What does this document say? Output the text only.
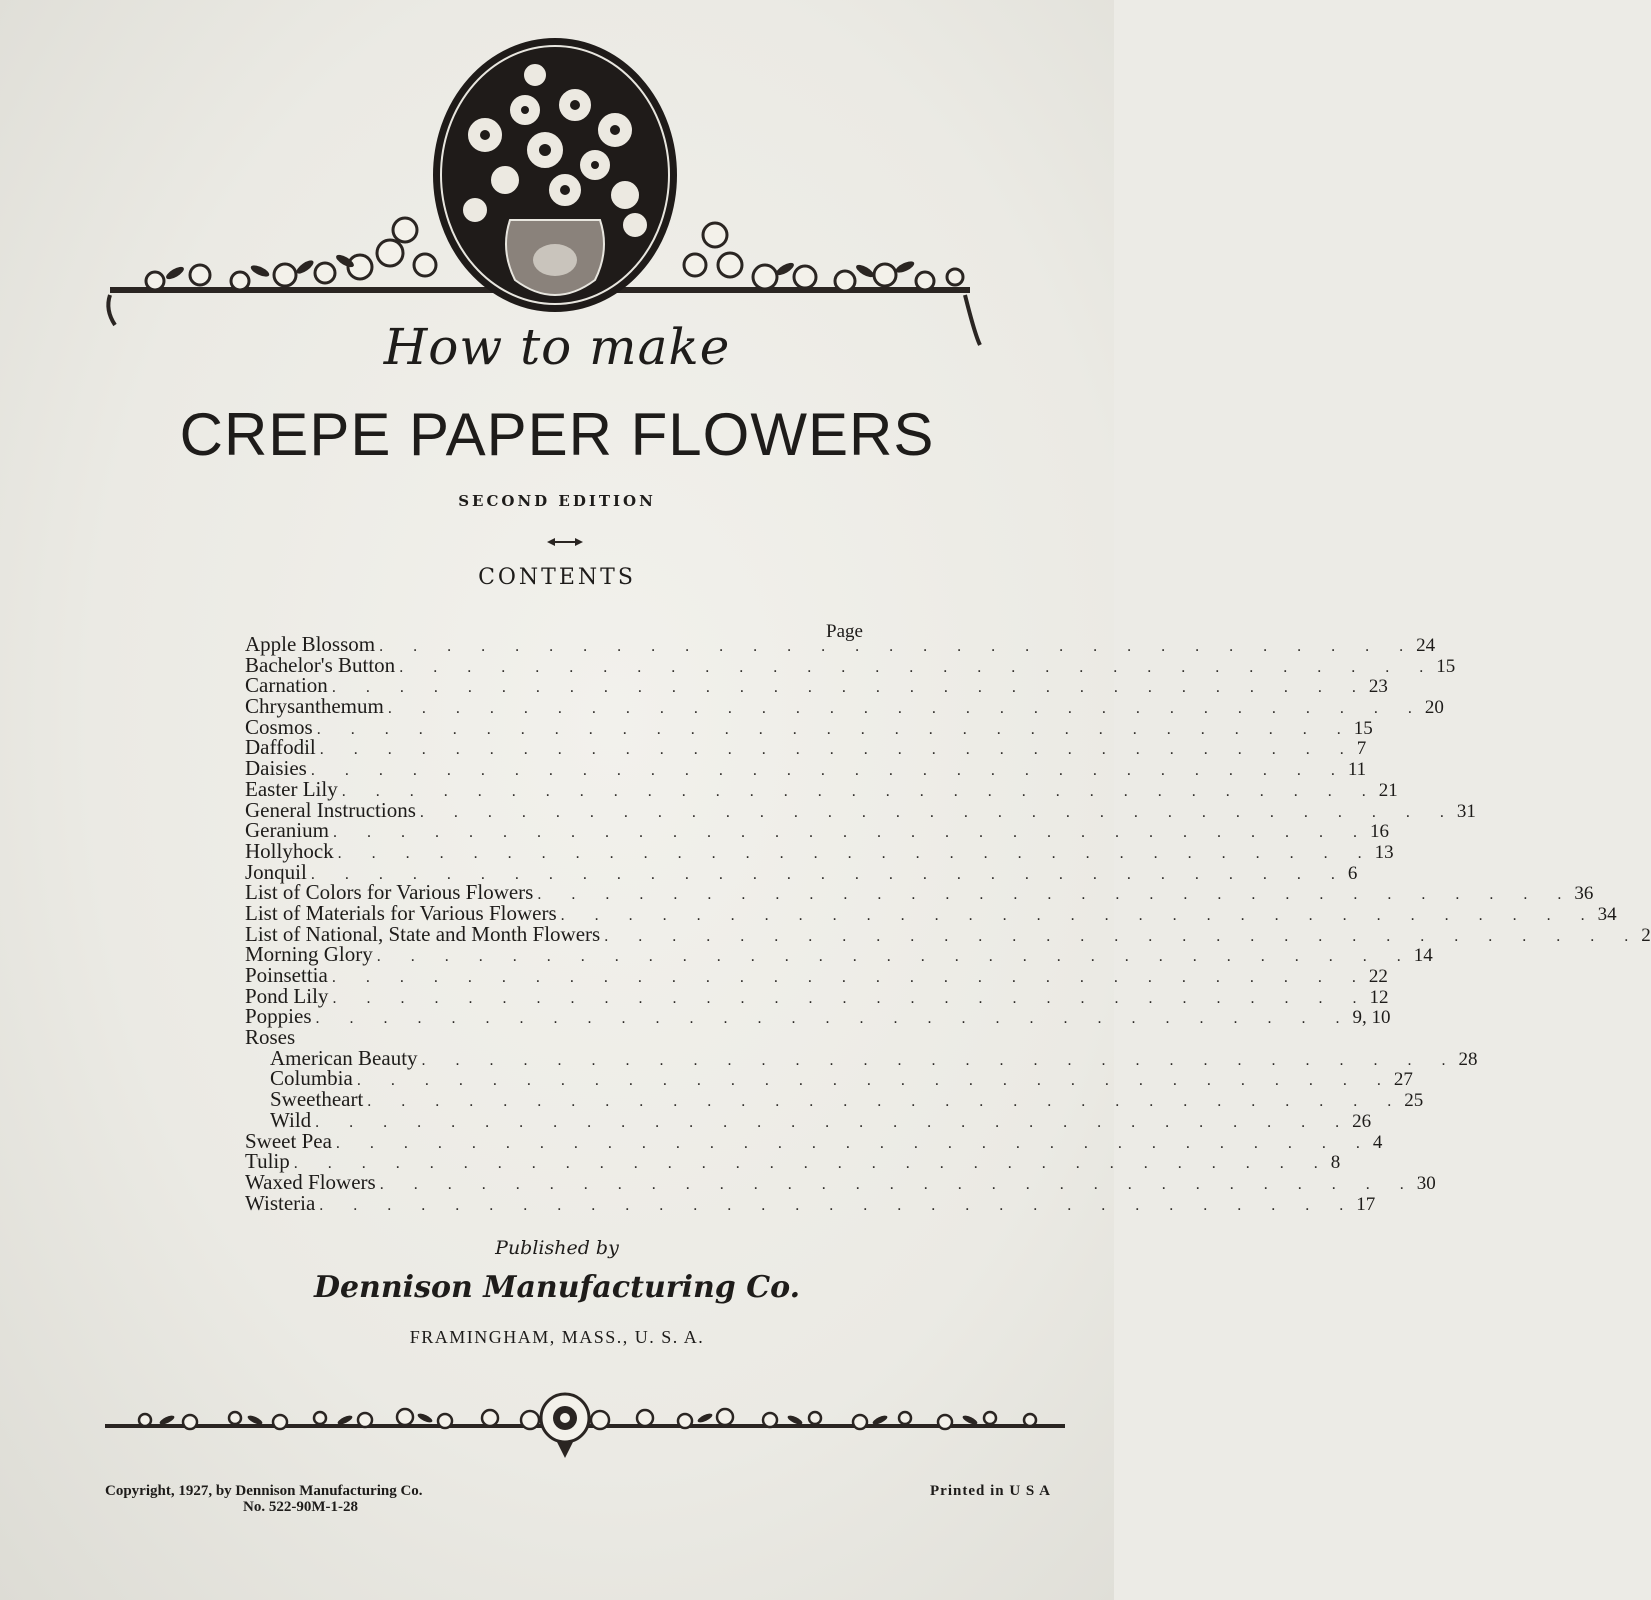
How to make
CREPE PAPER FLOWERS
SECOND EDITION
CONTENTS
Page
Apple Blossom . . . . . . . . . . . . . . . . . . . . . . . . . . . . . . . 24
Bachelor's Button . . . . . . . . . . . . . . . . . . . . . . . . . . . . . . . 15
Carnation . . . . . . . . . . . . . . . . . . . . . . . . . . . . . . . 23
Chrysanthemum . . . . . . . . . . . . . . . . . . . . . . . . . . . . . . . 20
Cosmos . . . . . . . . . . . . . . . . . . . . . . . . . . . . . . . 15
Daffodil . . . . . . . . . . . . . . . . . . . . . . . . . . . . . . . 7
Daisies . . . . . . . . . . . . . . . . . . . . . . . . . . . . . . . 11
Easter Lily . . . . . . . . . . . . . . . . . . . . . . . . . . . . . . . 21
General Instructions . . . . . . . . . . . . . . . . . . . . . . . . . . . . . . . 31
Geranium . . . . . . . . . . . . . . . . . . . . . . . . . . . . . . . 16
Hollyhock . . . . . . . . . . . . . . . . . . . . . . . . . . . . . . . 13
Jonquil . . . . . . . . . . . . . . . . . . . . . . . . . . . . . . . 6
List of Colors for Various Flowers . . . . . . . . . . . . . . . . . . . . . . . . . . . . . . . 36
List of Materials for Various Flowers . . . . . . . . . . . . . . . . . . . . . . . . . . . . . . . 34
List of National, State and Month Flowers . . . . . . . . . . . . . . . . . . . . . . . . . . . . . . . 2
Morning Glory . . . . . . . . . . . . . . . . . . . . . . . . . . . . . . . 14
Poinsettia . . . . . . . . . . . . . . . . . . . . . . . . . . . . . . . 22
Pond Lily . . . . . . . . . . . . . . . . . . . . . . . . . . . . . . . 12
Poppies . . . . . . . . . . . . . . . . . . . . . . . . . . . . . . . 9, 10
Roses
American Beauty . . . . . . . . . . . . . . . . . . . . . . . . . . . . . . . 28
Columbia . . . . . . . . . . . . . . . . . . . . . . . . . . . . . . . 27
Sweetheart . . . . . . . . . . . . . . . . . . . . . . . . . . . . . . . 25
Wild . . . . . . . . . . . . . . . . . . . . . . . . . . . . . . . 26
Sweet Pea . . . . . . . . . . . . . . . . . . . . . . . . . . . . . . . 4
Tulip . . . . . . . . . . . . . . . . . . . . . . . . . . . . . . . 8
Waxed Flowers . . . . . . . . . . . . . . . . . . . . . . . . . . . . . . . 30
Wisteria . . . . . . . . . . . . . . . . . . . . . . . . . . . . . . . 17
Published by
Dennison Manufacturing Co.
FRAMINGHAM, MASS., U. S. A.
Copyright, 1927, by Dennison Manufacturing Co.
No. 522-90M-1-28
Printed in U S A
